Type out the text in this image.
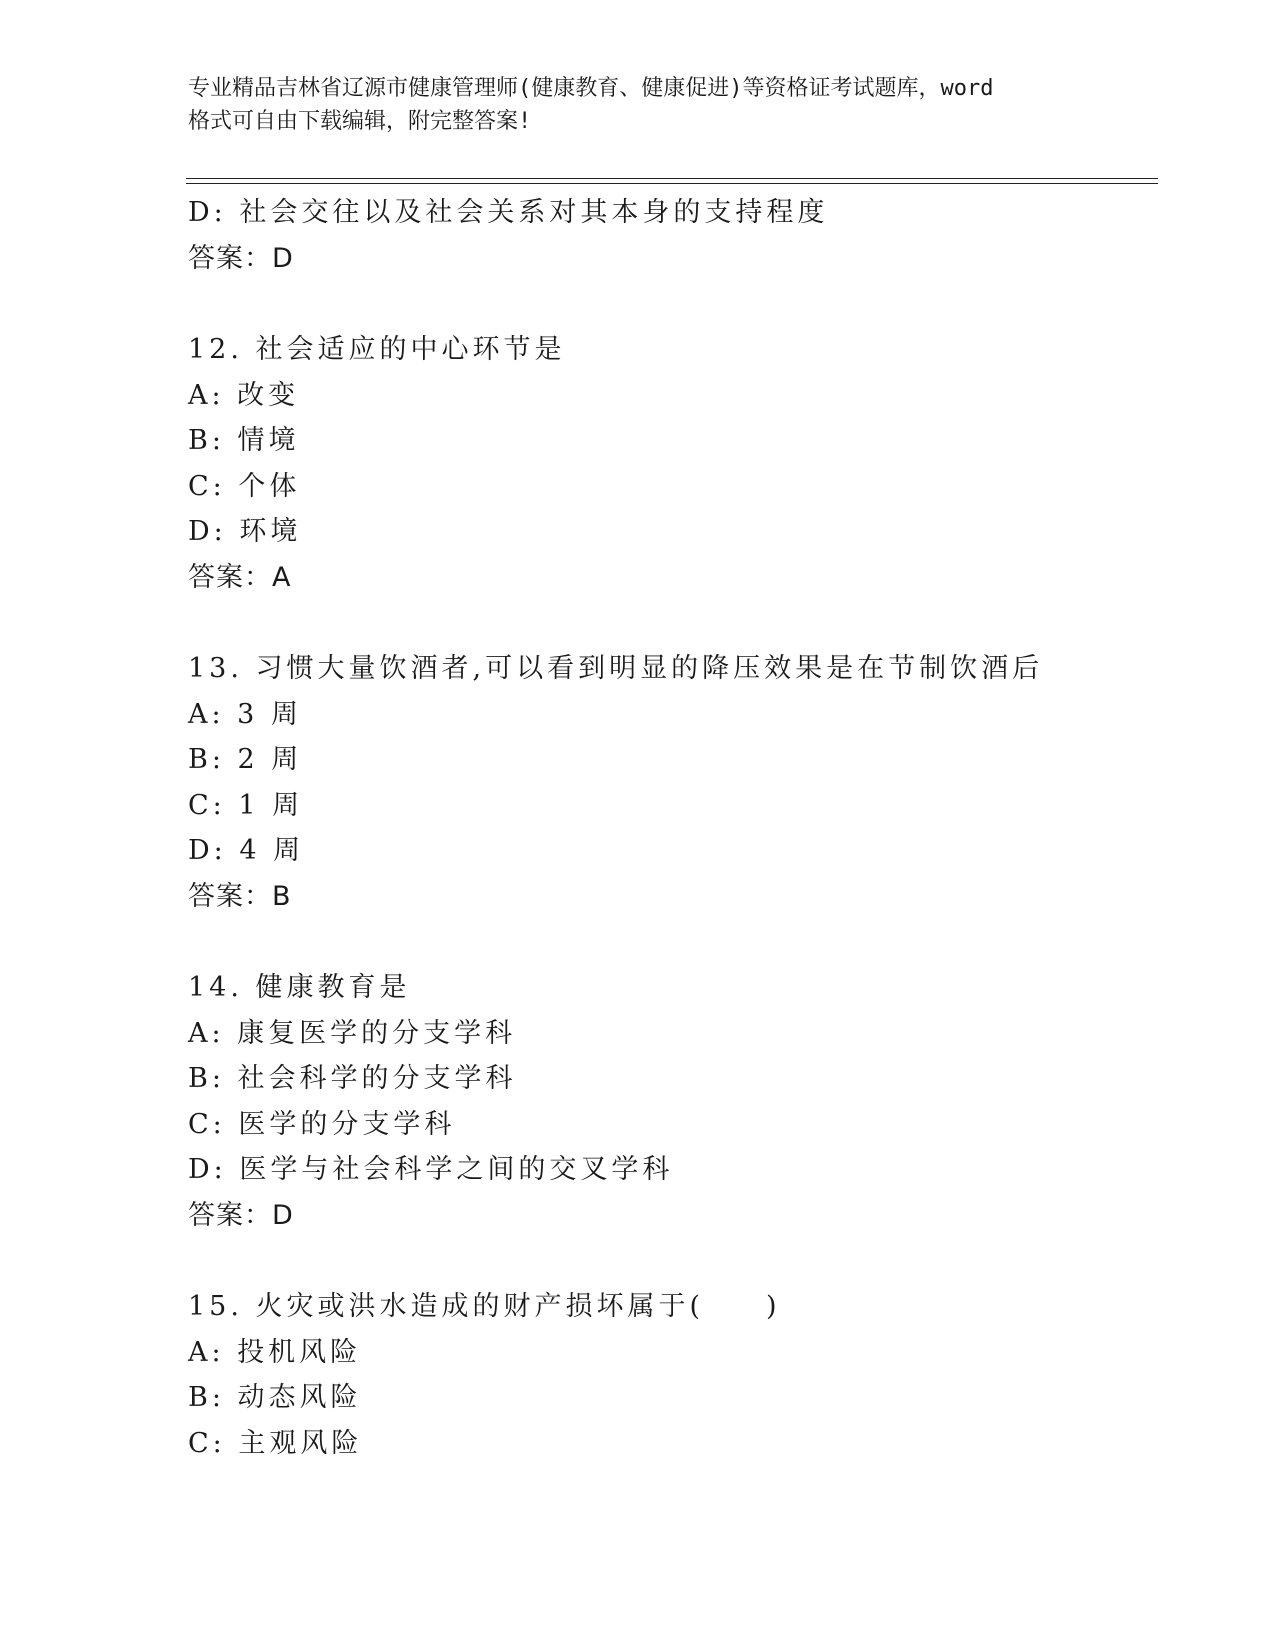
专业精品吉林省辽源市健康管理师(健康教育、健康促进)等资格证考试题库，word
格式可自由下载编辑，附完整答案!
D: 社会交往以及社会关系对其本身的支持程度
答案：D
12. 社会适应的中心环节是
A: 改变
B: 情境
C: 个体
D: 环境
答案：A
13. 习惯大量饮酒者,可以看到明显的降压效果是在节制饮酒后
A: 3 周
B: 2 周
C: 1 周
D: 4 周
答案：B
14. 健康教育是
A: 康复医学的分支学科
B: 社会科学的分支学科
C: 医学的分支学科
D: 医学与社会科学之间的交叉学科
答案：D
15. 火灾或洪水造成的财产损坏属于(　　)
A: 投机风险
B: 动态风险
C: 主观风险
